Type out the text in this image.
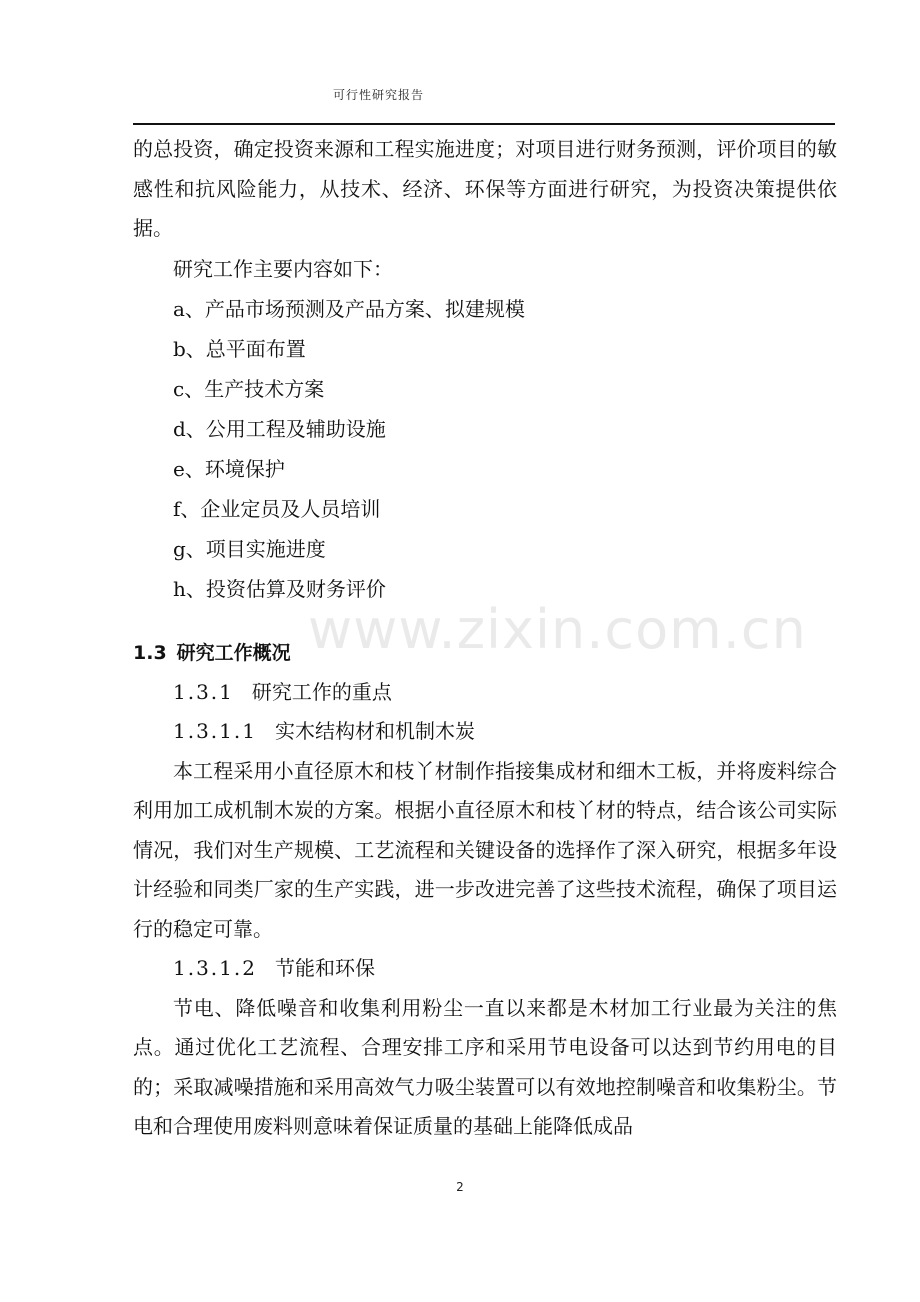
可行性研究报告

的总投资，确定投资来源和工程实施进度；对项目进行财务预测，评价项目的敏感性和抗风险能力，从技术、经济、环保等方面进行研究，为投资决策提供依据。

研究工作主要内容如下：

a、产品市场预测及产品方案、拟建规模

b、总平面布置

c、生产技术方案

d、公用工程及辅助设施

e、环境保护

f、企业定员及人员培训

g、项目实施进度

h、投资估算及财务评价

1.3 研究工作概况

1.3.1 研究工作的重点

1.3.1.1 实木结构材和机制木炭

本工程采用小直径原木和枝丫材制作指接集成材和细木工板，并将废料综合利用加工成机制木炭的方案。根据小直径原木和枝丫材的特点，结合该公司实际情况，我们对生产规模、工艺流程和关键设备的选择作了深入研究，根据多年设计经验和同类厂家的生产实践，进一步改进完善了这些技术流程，确保了项目运行的稳定可靠。

1.3.1.2 节能和环保

节电、降低噪音和收集利用粉尘一直以来都是木材加工行业最为关注的焦点。通过优化工艺流程、合理安排工序和采用节电设备可以达到节约用电的目的；采取减噪措施和采用高效气力吸尘装置可以有效地控制噪音和收集粉尘。节电和合理使用废料则意味着保证质量的基础上能降低成品

www.zixin.com.cn
2
